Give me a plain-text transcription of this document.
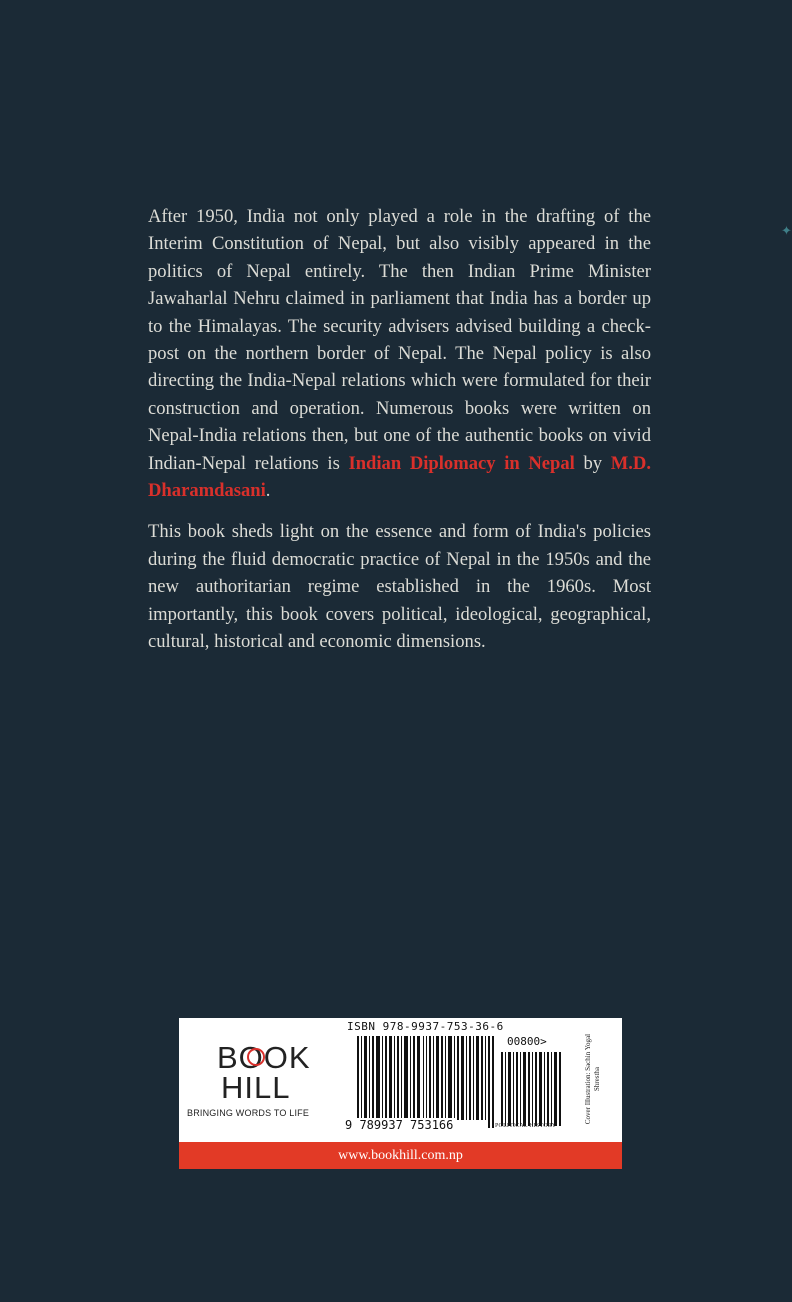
✦

After 1950, India not only played a role in the drafting of the Interim Constitution of Nepal, but also visibly appeared in the politics of Nepal entirely. The then Indian Prime Minister Jawaharlal Nehru claimed in parliament that India has a border up to the Himalayas. The security advisers advised building a check-post on the northern border of Nepal. The Nepal policy is also directing the India-Nepal relations which were formulated for their construction and operation. Numerous books were written on Nepal-India relations then, but one of the authentic books on vivid Indian-Nepal relations is Indian Diplomacy in Nepal by M.D. Dharamdasani.

This book sheds light on the essence and form of India's policies during the fluid democratic practice of Nepal in the 1950s and the new authoritarian regime established in the 1960s. Most importantly, this book covers political, ideological, geographical, cultural, historical and economic dimensions.

BOOK
HILL
BRINGING WORDS TO LIFE
ISBN 978-9937-753-36-6
00800>
9 789937 753166	POLITICAL HISTORY
Cover Illustration: Sachin Yogal Shrestha
www.bookhill.com.np
